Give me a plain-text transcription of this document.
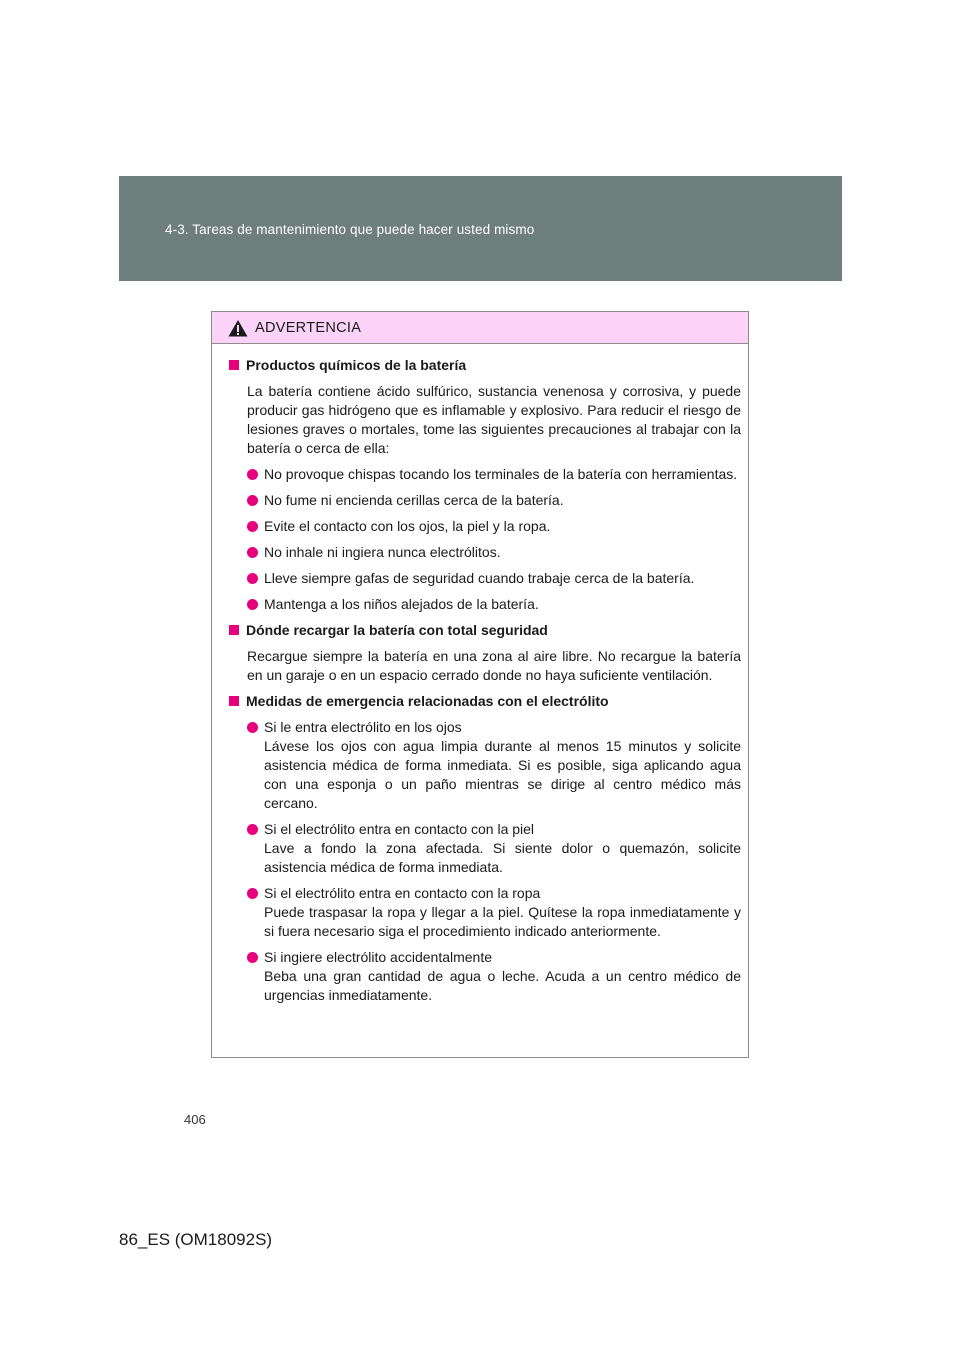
4-3. Tareas de mantenimiento que puede hacer usted mismo
ADVERTENCIA
Productos químicos de la batería
La batería contiene ácido sulfúrico, sustancia venenosa y corrosiva, y puede producir gas hidrógeno que es inflamable y explosivo. Para reducir el riesgo de lesiones graves o mortales, tome las siguientes precauciones al trabajar con la batería o cerca de ella:
No provoque chispas tocando los terminales de la batería con herramientas.
No fume ni encienda cerillas cerca de la batería.
Evite el contacto con los ojos, la piel y la ropa.
No inhale ni ingiera nunca electrólitos.
Lleve siempre gafas de seguridad cuando trabaje cerca de la batería.
Mantenga a los niños alejados de la batería.
Dónde recargar la batería con total seguridad
Recargue siempre la batería en una zona al aire libre. No recargue la batería en un garaje o en un espacio cerrado donde no haya suficiente ventilación.
Medidas de emergencia relacionadas con el electrólito
Si le entra electrólito en los ojos
Lávese los ojos con agua limpia durante al menos 15 minutos y solicite asistencia médica de forma inmediata. Si es posible, siga aplicando agua con una esponja o un paño mientras se dirige al centro médico más cercano.
Si el electrólito entra en contacto con la piel
Lave a fondo la zona afectada. Si siente dolor o quemazón, solicite asistencia médica de forma inmediata.
Si el electrólito entra en contacto con la ropa
Puede traspasar la ropa y llegar a la piel. Quítese la ropa inmediatamente y si fuera necesario siga el procedimiento indicado anteriormente.
Si ingiere electrólito accidentalmente
Beba una gran cantidad de agua o leche. Acuda a un centro médico de urgencias inmediatamente.
406
86_ES (OM18092S)
